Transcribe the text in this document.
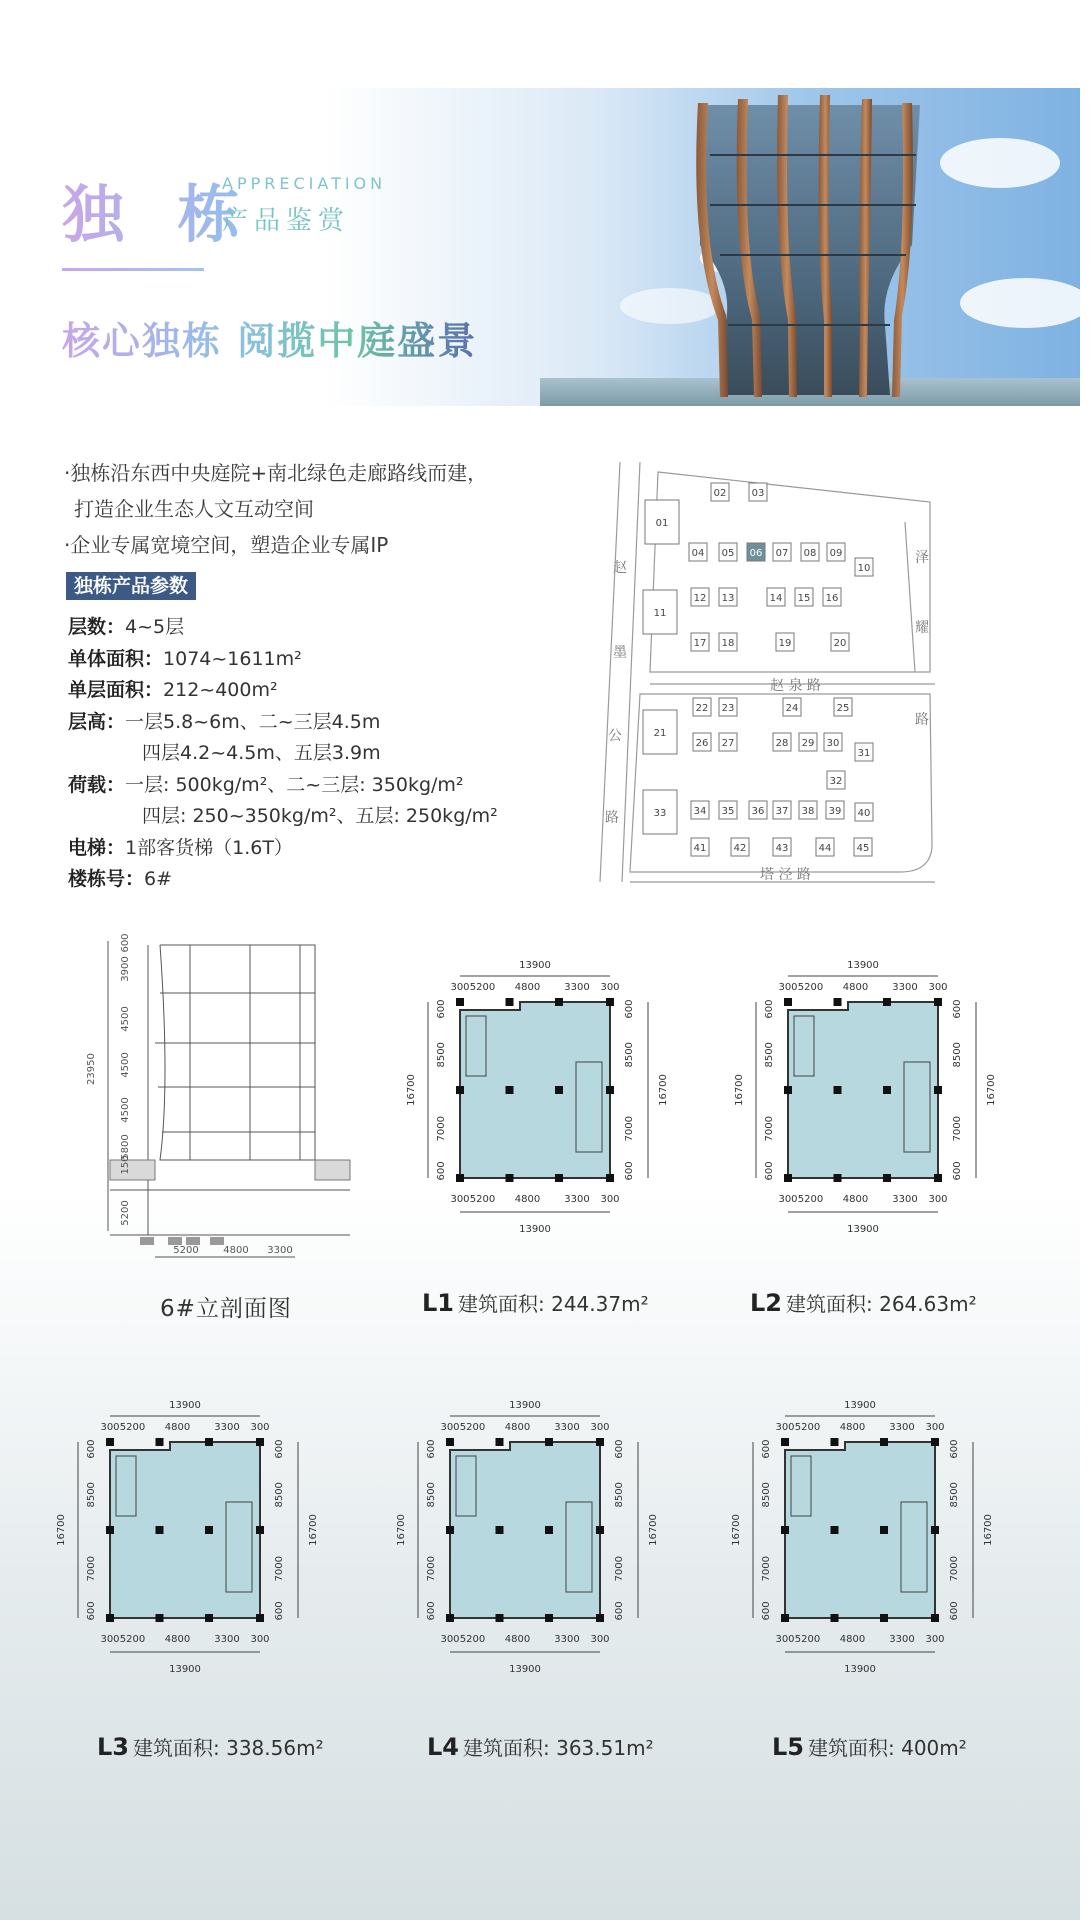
独 栋
APPRECIATION
产品鉴赏
核心独栋 阅揽中庭盛景
·独栋沿东西中央庭院+南北绿色走廊路线而建，
打造企业生态人文互动空间
·企业专属宽境空间，塑造企业专属IP
独栋产品参数
层数：4~5层
单体面积：1074~1611m²
单层面积：212~400m²
层高：一层5.8~6m、二~三层4.5m
四层4.2~4.5m、五层3.9m
荷载：一层: 500kg/m²、二~三层: 350kg/m²
四层: 250~350kg/m²、五层: 250kg/m²
电梯：1部客货梯（1.6T）
楼栋号：6#
赵
墨
公
路
赵 泉 路
塔 泾 路
泽
耀
路
01
02	03
04 05 06 07 08 09
10
11
12 13	14 15 16
17 18	19	20
21
22 23	24	25
26 27	28 29 30
31
32
33	34 35 36 37 38 39 40
41	42	43	44	45
23950
600
3900
4500
4500
4500
5800
150
5200
5200 4800 3300
6#立剖面图
13900
13900
300
300
5200
5200
4800
4800
3300
3300
300
300
16700	16700
600	600
8500	8500
7000	7000
600	600
L1 建筑面积: 244.37m²
13900
13900
300
300
5200
5200
4800
4800
3300
3300
300
300
16700	16700
600	600
8500	8500
7000	7000
600	600
L2 建筑面积: 264.63m²
13900
13900
300
300
5200
5200
4800
4800
3300
3300
300
300
16700	16700
600	600
8500	8500
7000	7000
600	600
L3 建筑面积: 338.56m²
13900
13900
300
300
5200
5200
4800
4800
3300
3300
300
300
16700	16700
600	600
8500	8500
7000	7000
600	600
L4 建筑面积: 363.51m²
13900
13900
300
300
5200
5200
4800
4800
3300
3300
300
300
16700	16700
600	600
8500	8500
7000	7000
600	600
L5 建筑面积: 400m²
